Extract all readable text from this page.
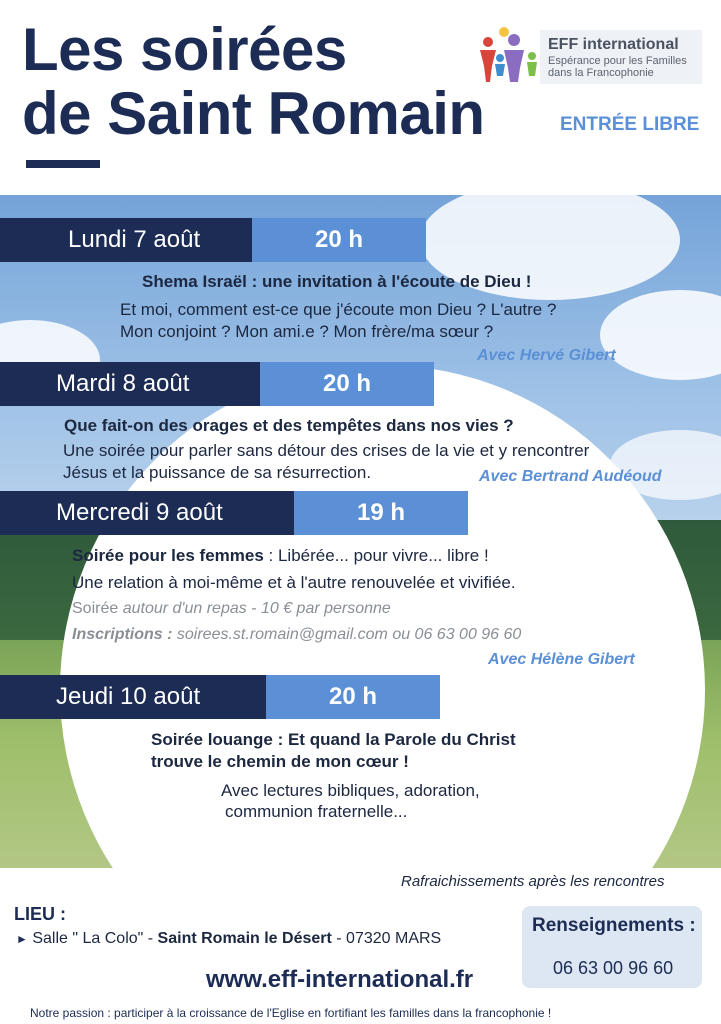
Les soirées
de Saint Romain
EFF international
Espérance pour les Familles dans la Francophonie
ENTRÉE LIBRE
Lundi 7 août	20 h
Shema Israël : une invitation à l'écoute de Dieu !
Et moi, comment est-ce que j'écoute mon Dieu ? L'autre ?
Mon conjoint ? Mon ami.e ? Mon frère/ma sœur ?
Avec Hervé Gibert
Mardi 8 août	20 h
Que fait-on des orages et des tempêtes dans nos vies ?
Une soirée pour parler sans détour des crises de la vie et y rencontrer
Jésus et la puissance de sa résurrection.	Avec Bertrand Audéoud
Mercredi 9 août	19 h
Soirée pour les femmes : Libérée... pour vivre... libre !
Une relation à moi-même et à l'autre renouvelée et vivifiée.
Soirée autour d'un repas - 10 € par personne
Inscriptions : soirees.st.romain@gmail.com ou 06 63 00 96 60
Avec Hélène Gibert
Jeudi 10 août	20 h
Soirée louange : Et quand la Parole du Christ
trouve le chemin de mon cœur !
Avec lectures bibliques, adoration,
communion fraternelle...
Rafraichissements après les rencontres
LIEU :
► Salle " La Colo" - Saint Romain le Désert - 07320 MARS
Renseignements :
06 63 00 96 60
www.eff-international.fr
Notre passion : participer à la croissance de l'Eglise en fortifiant les familles dans la francophonie !
